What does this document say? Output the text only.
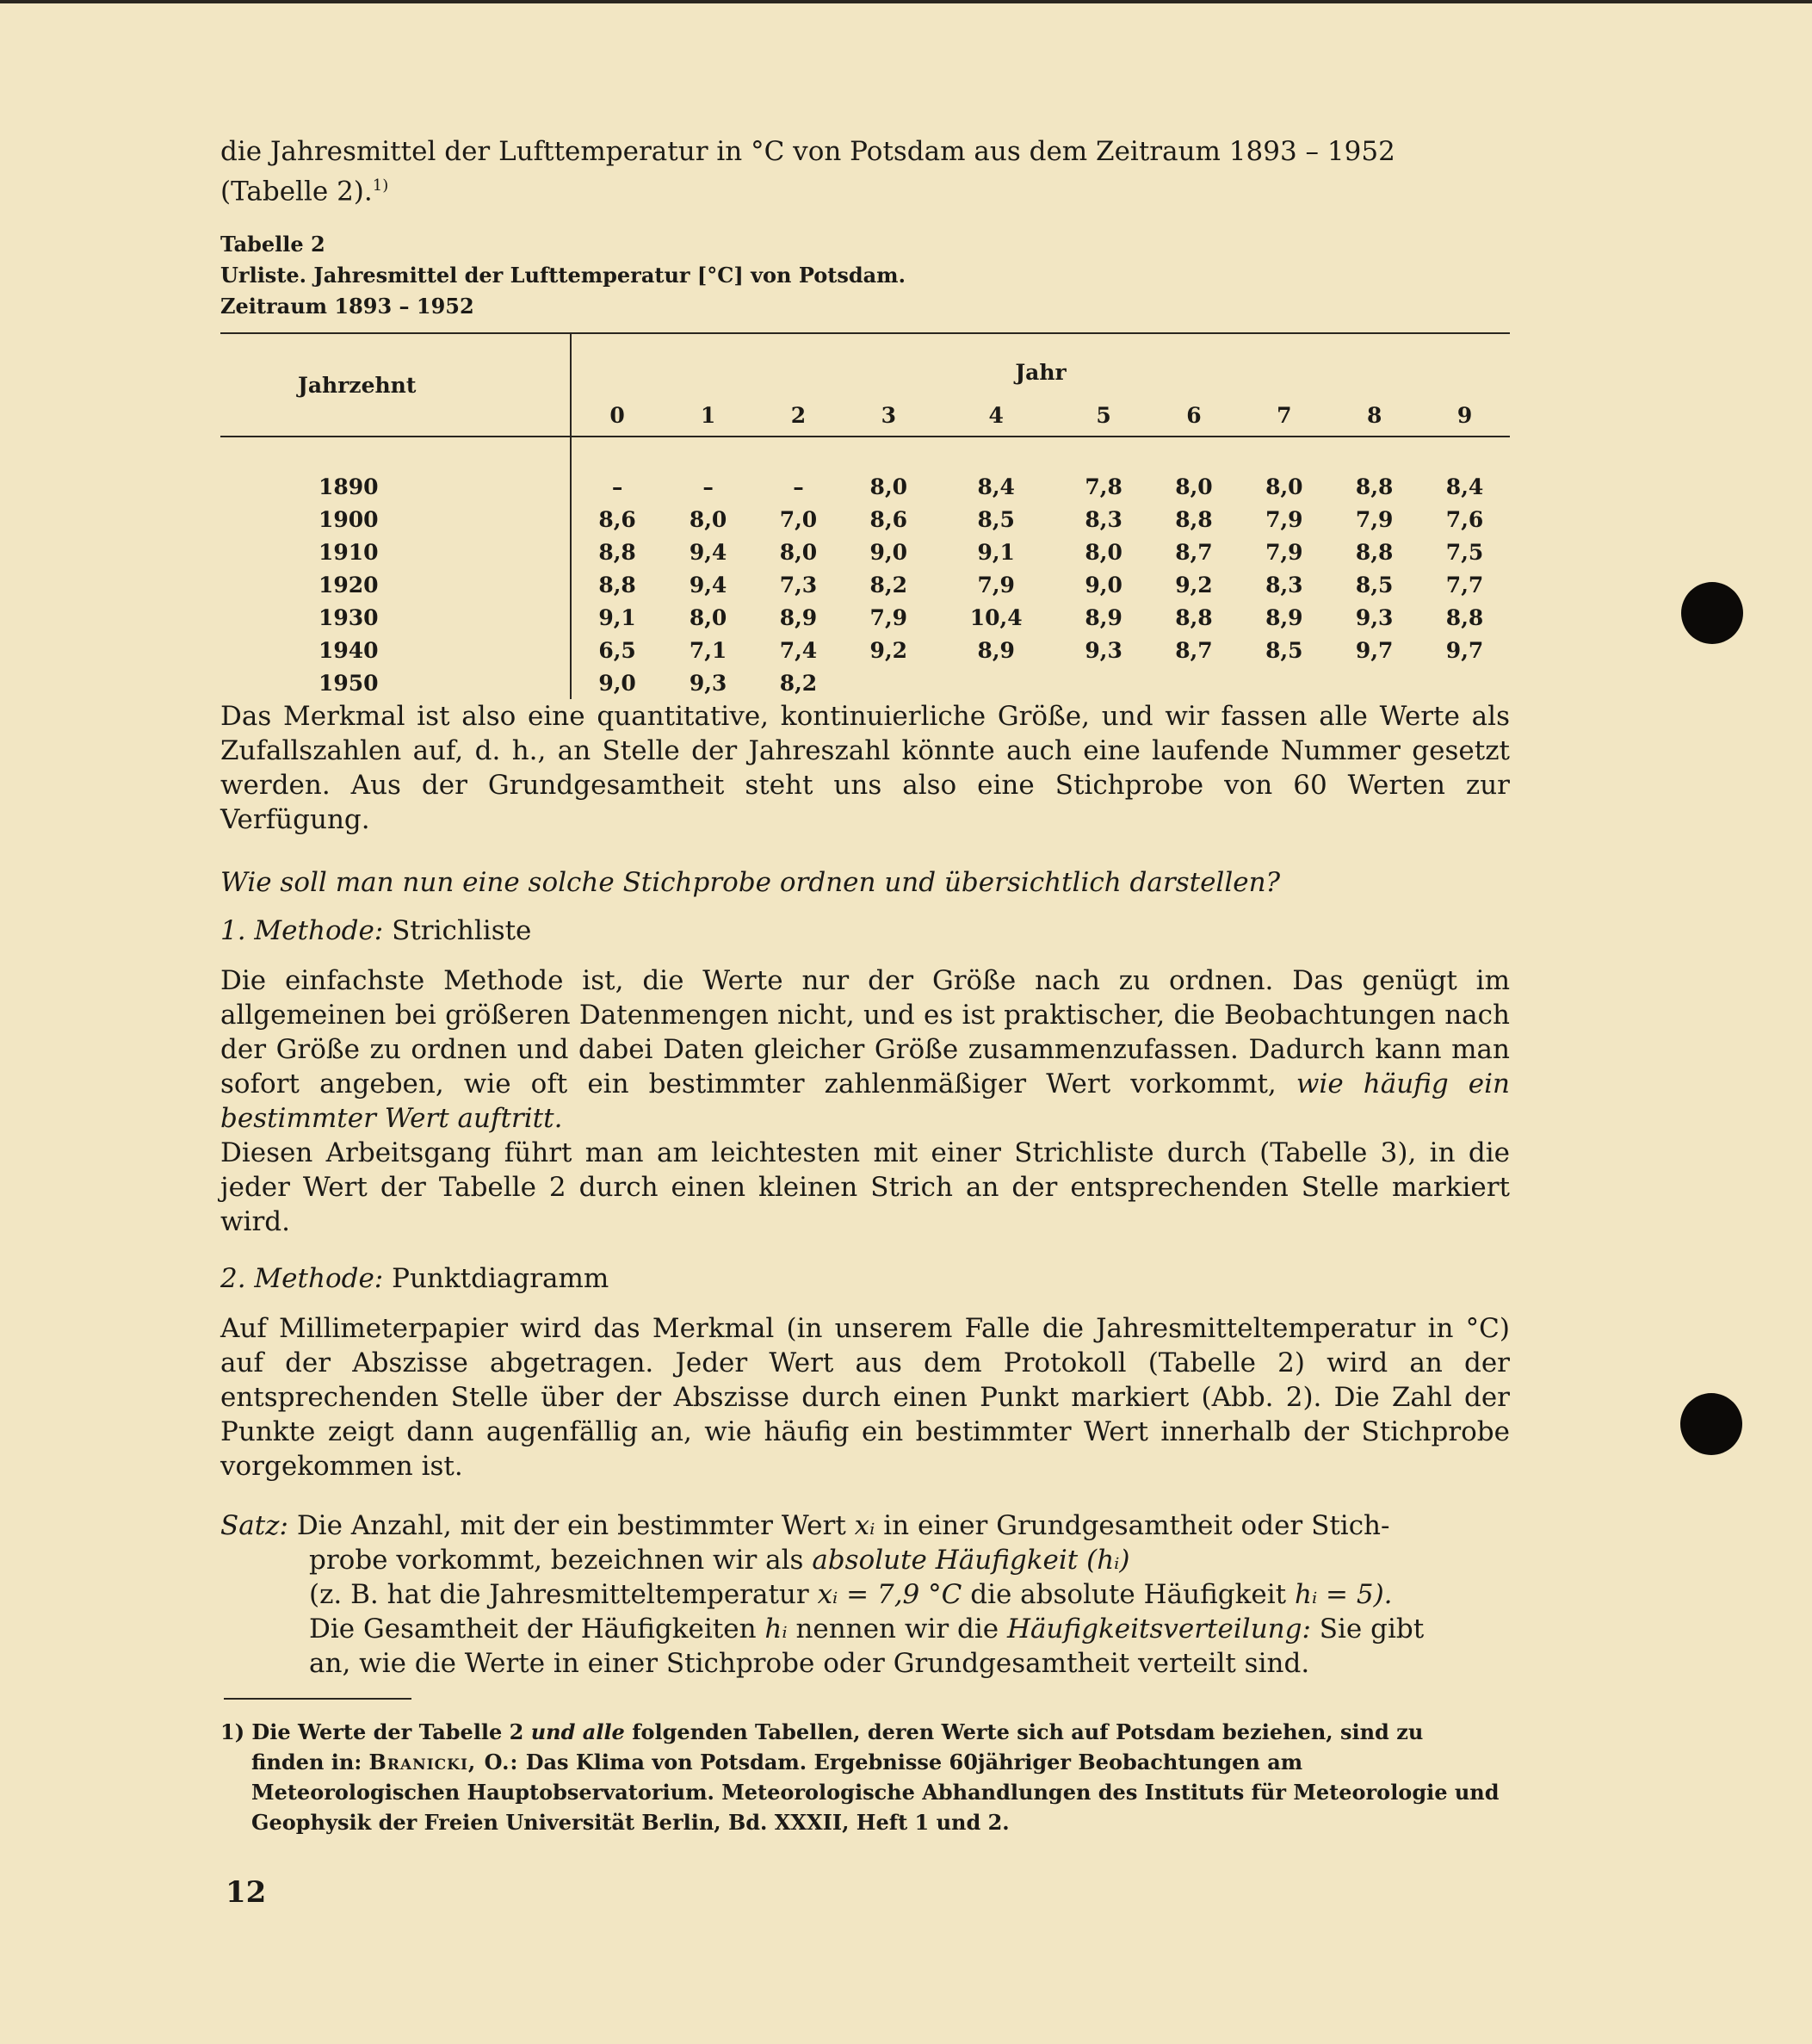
die Jahresmittel der Lufttemperatur in °C von Potsdam aus dem Zeitraum 1893 – 1952
(Tabelle 2).$^{1)}$
Tabelle 2
Urliste. Jahresmittel der Lufttemperatur [°C] von Potsdam.
Zeitraum 1893 – 1952
Jahrzehnt	Jahr									
	0	1	2	3	4	5	6	7	8	9

1890	–	–	–	8,0	8,4	7,8	8,0	8,0	8,8	8,4
1900	8,6	8,0	7,0	8,6	8,5	8,3	8,8	7,9	7,9	7,6
1910	8,8	9,4	8,0	9,0	9,1	8,0	8,7	7,9	8,8	7,5
1920	8,8	9,4	7,3	8,2	7,9	9,0	9,2	8,3	8,5	7,7
1930	9,1	8,0	8,9	7,9	10,4	8,9	8,8	8,9	9,3	8,8
1940	6,5	7,1	7,4	9,2	8,9	9,3	8,7	8,5	9,7	9,7
1950	9,0	9,3	8,2							

Das Merkmal ist also eine quantitative, kontinuierliche Größe, und wir fassen alle Werte als Zufallszahlen auf, d. h., an Stelle der Jahreszahl könnte auch eine laufende Nummer gesetzt werden. Aus der Grundgesamtheit steht uns also eine Stichprobe von 60 Werten zur Verfügung.

Wie soll man nun eine solche Stichprobe ordnen und übersichtlich darstellen?

1. Methode: Strichliste

Die einfachste Methode ist, die Werte nur der Größe nach zu ordnen. Das genügt im allgemeinen bei größeren Datenmengen nicht, und es ist praktischer, die Beobachtungen nach der Größe zu ordnen und dabei Daten gleicher Größe zusammenzufassen. Dadurch kann man sofort angeben, wie oft ein bestimmter zahlenmäßiger Wert vorkommt, wie häufig ein bestimmter Wert auftritt.
Diesen Arbeitsgang führt man am leichtesten mit einer Strichliste durch (Tabelle 3), in die jeder Wert der Tabelle 2 durch einen kleinen Strich an der entsprechenden Stelle markiert wird.

2. Methode: Punktdiagramm

Auf Millimeterpapier wird das Merkmal (in unserem Falle die Jahresmitteltemperatur in °C) auf der Abszisse abgetragen. Jeder Wert aus dem Protokoll (Tabelle 2) wird an der entsprechenden Stelle über der Abszisse durch einen Punkt markiert (Abb. 2). Die Zahl der Punkte zeigt dann augenfällig an, wie häufig ein bestimmter Wert innerhalb der Stichprobe vorgekommen ist.

Satz: Die Anzahl, mit der ein bestimmter Wert xᵢ in einer Grundgesamtheit oder Stich-
probe vorkommt, bezeichnen wir als absolute Häufigkeit (hᵢ)
(z. B. hat die Jahresmitteltemperatur xᵢ = 7,9 °C die absolute Häufigkeit hᵢ = 5).
Die Gesamtheit der Häufigkeiten hᵢ nennen wir die Häufigkeitsverteilung: Sie gibt
an, wie die Werte in einer Stichprobe oder Grundgesamtheit verteilt sind.
1) Die Werte der Tabelle 2 und alle folgenden Tabellen, deren Werte sich auf Potsdam beziehen, sind zu
finden in: Branicki, O.: Das Klima von Potsdam. Ergebnisse 60jähriger Beobachtungen am Meteorologischen Hauptobservatorium. Meteorologische Abhandlungen des Instituts für Meteorologie und Geophysik der Freien Universität Berlin, Bd. XXXII, Heft 1 und 2.
12
